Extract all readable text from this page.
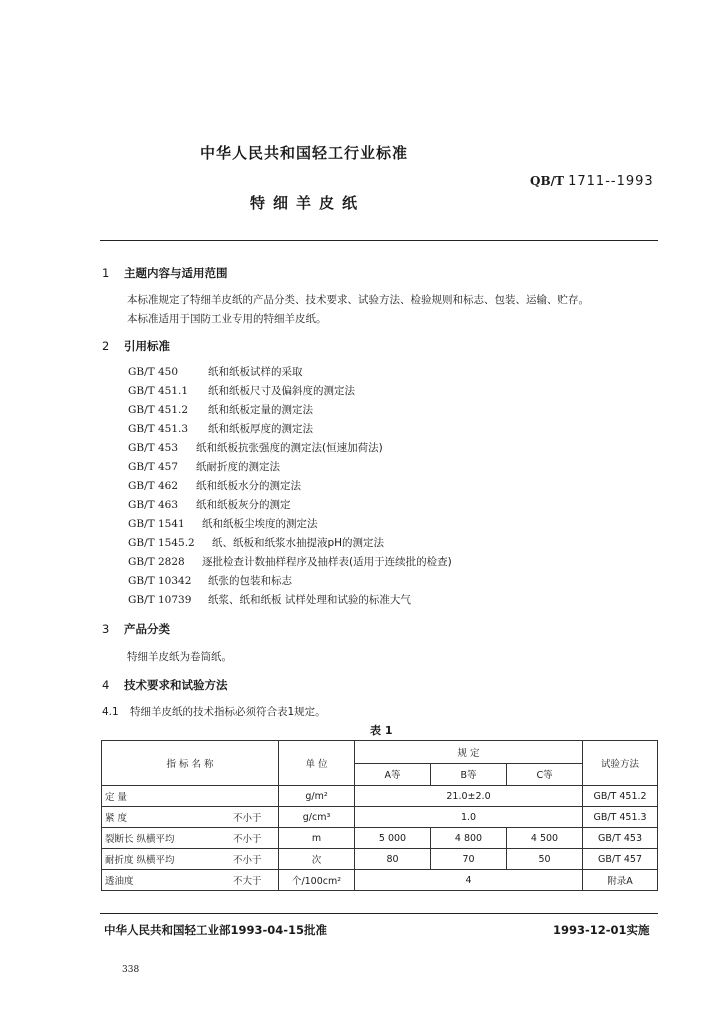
中华人民共和国轻工行业标准
QB/T 1711--1993
特细羊皮纸
1 主题内容与适用范围
本标准规定了特细羊皮纸的产品分类、技术要求、试验方法、检验规则和标志、包装、运输、贮存。
本标准适用于国防工业专用的特细羊皮纸。
2 引用标准
GB/T 450	纸和纸板试样的采取
GB/T 451.1 纸和纸板尺寸及偏斜度的测定法
GB/T 451.2 纸和纸板定量的测定法
GB/T 451.3 纸和纸板厚度的测定法
GB/T 453 纸和纸板抗张强度的测定法(恒速加荷法)
GB/T 457 纸耐折度的测定法
GB/T 462 纸和纸板水分的测定法
GB/T 463 纸和纸板灰分的测定
GB/T 1541 纸和纸板尘埃度的测定法
GB/T 1545.2 纸、纸板和纸浆水抽提液pH的测定法
GB/T 2828 逐批检查计数抽样程序及抽样表(适用于连续批的检查)
GB/T 10342 纸张的包装和标志
GB/T 10739 纸浆、纸和纸板 试样处理和试验的标准大气
3 产品分类
特细羊皮纸为卷筒纸。
4 技术要求和试验方法
4.1 特细羊皮纸的技术指标必须符合表1规定。
表 1
指 标 名 称		单 位	规 定			试验方法
			A等	B等	C等	
定 量		g/m²	21.0±2.0			GB/T 451.2
紧 度	不小于	g/cm³	1.0			GB/T 451.3
裂断长 纵横平均	不小于	m	5 000	4 800	4 500	GB/T 453
耐折度 纵横平均	不小于	次	80	70	50	GB/T 457
透油度	不大于	个/100cm²	4			附录A
中华人民共和国轻工业部1993-04-15批准	1993-12-01实施
338
